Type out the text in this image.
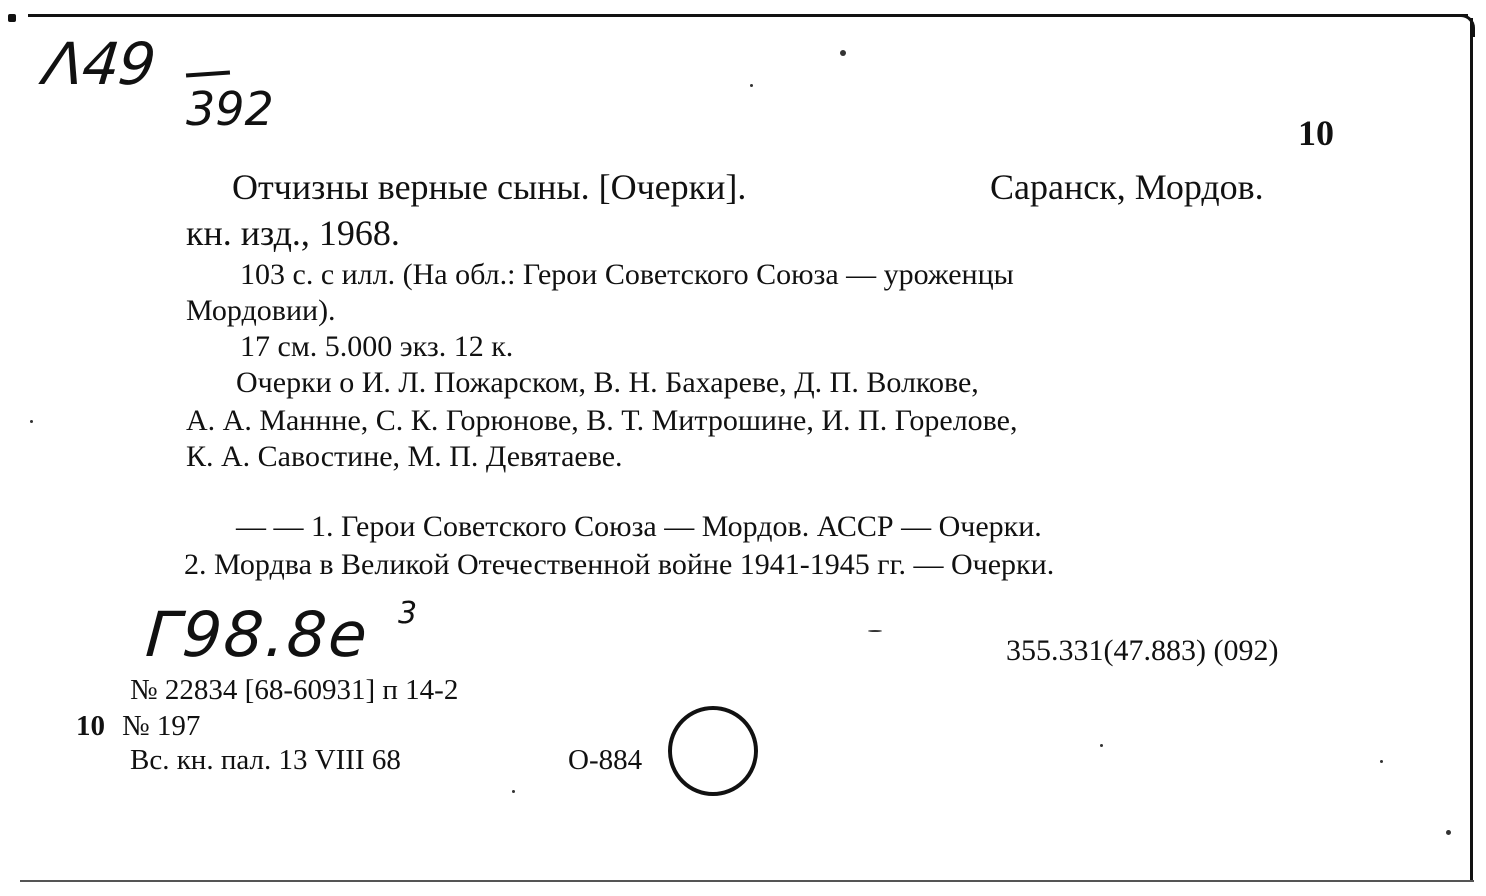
Λ49
392	10
Отчизны верные сыны. [Очерки].	Саранск, Мордов.
кн. изд., 1968.
103 с. с илл. (На обл.: Герои Советского Союза — уроженцы
Мордовии).
17 см. 5.000 экз. 12 к.
Очерки о И. Л. Пожарском, В. Н. Бахареве, Д. П. Волкове,
А. А. Маннне, С. К. Горюнове, В. Т. Митрошине, И. П. Горелове,
К. А. Савостине, М. П. Девятаеве.
— — 1. Герои Советского Союза — Мордов. АССР — Очерки.
2. Мордва в Великой Отечественной войне 1941-1945 гг. — Очерки.
Г98.8е 3
355.331(47.883) (092)
№ 22834 [68-60931] п 14-2
10 № 197
Вс. кн. пал. 13 VIII 68	О-884
